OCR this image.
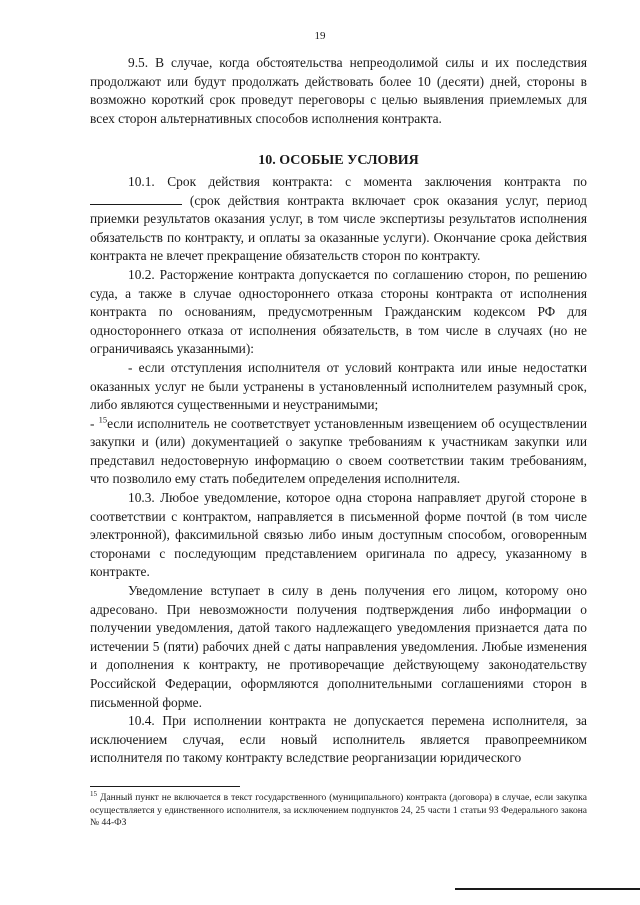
19

9.5. В случае, когда обстоятельства непреодолимой силы и их последствия продолжают или будут продолжать действовать более 10 (десяти) дней, стороны в возможно короткий срок проведут переговоры с целью выявления приемлемых для всех сторон альтернативных способов исполнения контракта.

10. ОСОБЫЕ УСЛОВИЯ

10.1. Срок действия контракта: с момента заключения контракта по  (срок действия контракта включает срок оказания услуг, период приемки результатов оказания услуг, в том числе экспертизы результатов исполнения обязательств по контракту, и оплаты за оказанные услуги). Окончание срока действия контракта не влечет прекращение обязательств сторон по контракту.

10.2. Расторжение контракта допускается по соглашению сторон, по решению суда, а также в случае одностороннего отказа стороны контракта от исполнения контракта по основаниям, предусмотренным Гражданским кодексом РФ для одностороннего отказа от исполнения обязательств, в том числе в случаях (но не ограничиваясь указанными):

- если отступления исполнителя от условий контракта или иные недостатки оказанных услуг не были устранены в установленный исполнителем разумный срок, либо являются существенными и неустранимыми;

- $^{15}$если исполнитель не соответствует установленным извещением об осуществлении закупки и (или) документацией о закупке требованиям к участникам закупки или представил недостоверную информацию о своем соответствии таким требованиям, что позволило ему стать победителем определения исполнителя.

10.3. Любое уведомление, которое одна сторона направляет другой стороне в соответствии с контрактом, направляется в письменной форме почтой (в том числе электронной), факсимильной связью либо иным доступным способом, оговоренным сторонами с последующим представлением оригинала по адресу, указанному в контракте.

Уведомление вступает в силу в день получения его лицом, которому оно адресовано. При невозможности получения подтверждения либо информации о получении уведомления, датой такого надлежащего уведомления признается дата по истечении 5 (пяти) рабочих дней с даты направления уведомления. Любые изменения и дополнения к контракту, не противоречащие действующему законодательству Российской Федерации, оформляются дополнительными соглашениями сторон в письменной форме.

10.4. При исполнении контракта не допускается перемена исполнителя, за исключением случая, если новый исполнитель является правопреемником исполнителя по такому контракту вследствие реорганизации юридического

$^{15}$ Данный пункт не включается в текст государственного (муниципального) контракта (договора) в случае, если закупка осуществляется у единственного исполнителя, за исключением подпунктов 24, 25 части 1 статьи 93 Федерального закона № 44-ФЗ
